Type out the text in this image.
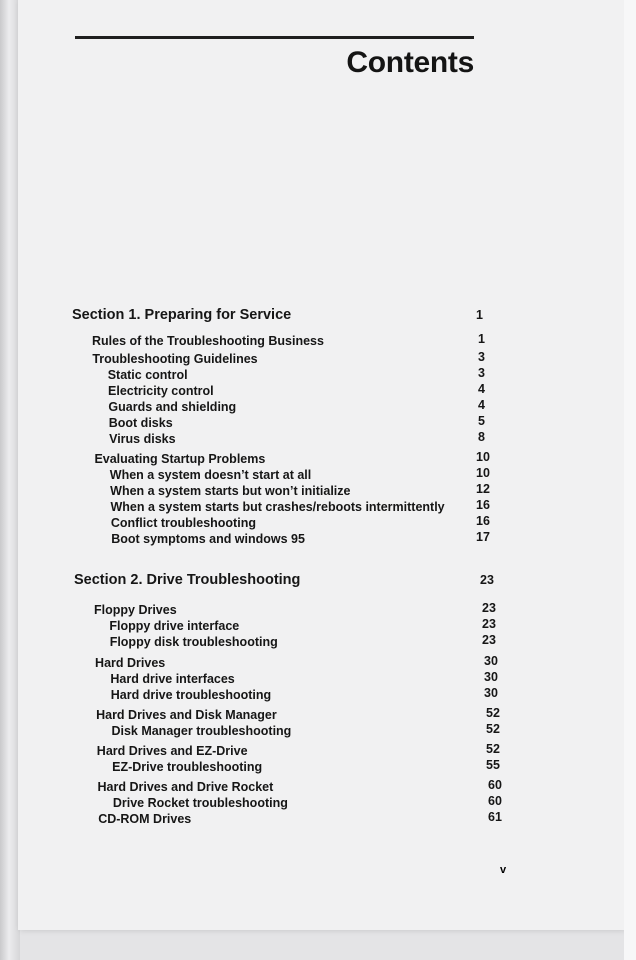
Contents
Section 1. Preparing for Service	1
Rules of the Troubleshooting Business	1
Troubleshooting Guidelines	3
Static control	3
Electricity control	4
Guards and shielding	4
Boot disks	5
Virus disks	8
Evaluating Startup Problems	10
When a system doesn’t start at all	10
When a system starts but won’t initialize	12
When a system starts but crashes/reboots intermittently	16
Conflict troubleshooting	16
Boot symptoms and windows 95	17
Section 2. Drive Troubleshooting	23
Floppy Drives	23
Floppy drive interface	23
Floppy disk troubleshooting	23
Hard Drives	30
Hard drive interfaces	30
Hard drive troubleshooting	30
Hard Drives and Disk Manager	52
Disk Manager troubleshooting	52
Hard Drives and EZ-Drive	52
EZ-Drive troubleshooting	55
Hard Drives and Drive Rocket	60
Drive Rocket troubleshooting	60
CD-ROM Drives	61
v
